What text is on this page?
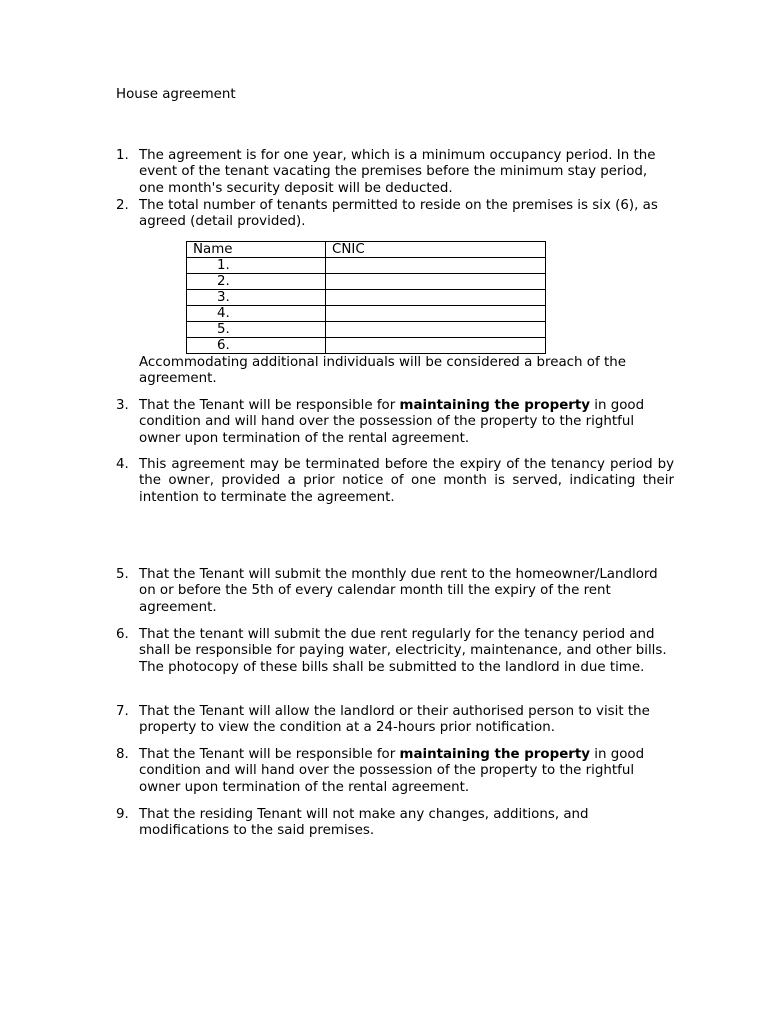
House agreement
1. The agreement is for one year, which is a minimum occupancy period. In the event of the tenant vacating the premises before the minimum stay period, one month's security deposit will be deducted.
2. The total number of tenants permitted to reside on the premises is six (6), as agreed (detail provided).
Name	CNIC
1.	
2.	
3.	
4.	
5.	
6.	
Accommodating additional individuals will be considered a breach of the agreement.
3. That the Tenant will be responsible for maintaining the property in good condition and will hand over the possession of the property to the rightful owner upon termination of the rental agreement.
4. This agreement may be terminated before the expiry of the tenancy period by the owner, provided a prior notice of one month is served, indicating their intention to terminate the agreement.
5. That the Tenant will submit the monthly due rent to the homeowner/Landlord on or before the 5th of every calendar month till the expiry of the rent agreement.
6. That the tenant will submit the due rent regularly for the tenancy period and shall be responsible for paying water, electricity, maintenance, and other bills. The photocopy of these bills shall be submitted to the landlord in due time.
7. That the Tenant will allow the landlord or their authorised person to visit the property to view the condition at a 24-hours prior notification.
8. That the Tenant will be responsible for maintaining the property in good condition and will hand over the possession of the property to the rightful owner upon termination of the rental agreement.
9. That the residing Tenant will not make any changes, additions, and modifications to the said premises.
